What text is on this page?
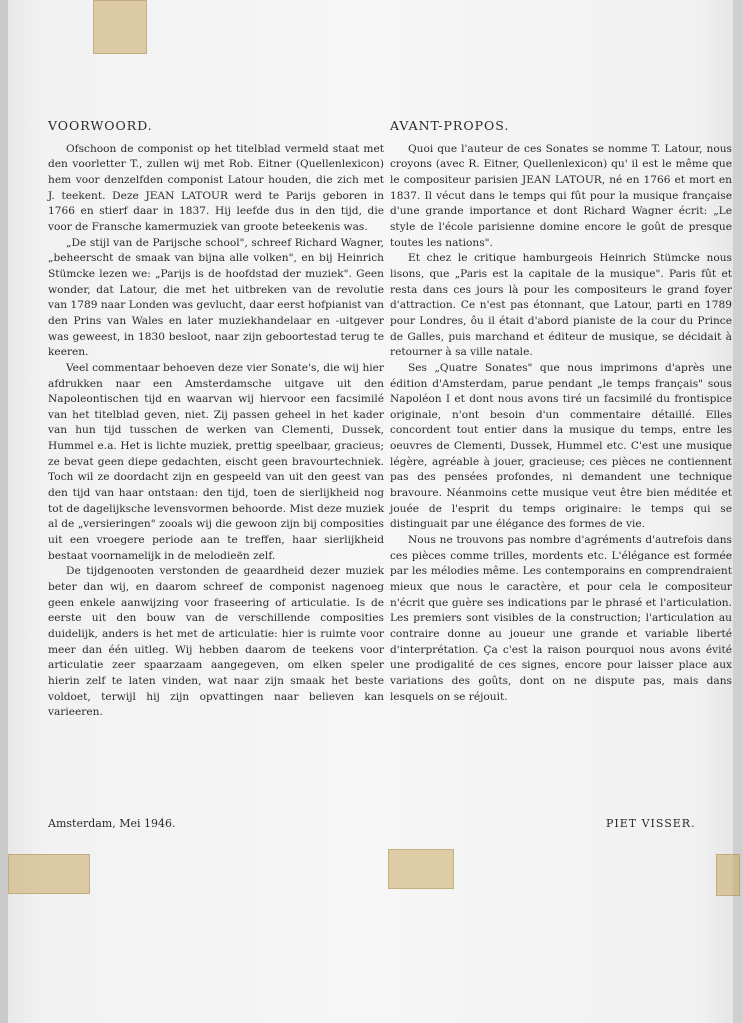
VOORWOORD.

Ofschoon de componist op het titelblad vermeld staat met den voorletter T., zullen wij met Rob. Eitner (Quellenlexicon) hem voor denzelfden componist Latour houden, die zich met J. teekent. Deze JEAN LATOUR werd te Parijs geboren in 1766 en stierf daar in 1837. Hij leefde dus in den tijd, die voor de Fransche kamermuziek van groote beteekenis was.

„De stijl van de Parijsche school", schreef Richard Wagner, „beheerscht de smaak van bijna alle volken", en bij Heinrich Stümcke lezen we: „Parijs is de hoofdstad der muziek". Geen wonder, dat Latour, die met het uitbreken van de revolutie van 1789 naar Londen was gevlucht, daar eerst hofpianist van den Prins van Wales en later muziekhandelaar en -uitgever was geweest, in 1830 besloot, naar zijn geboortestad terug te keeren.

Veel commentaar behoeven deze vier Sonate's, die wij hier afdrukken naar een Amsterdamsche uitgave uit den Napoleontischen tijd en waarvan wij hiervoor een facsimilé van het titelblad geven, niet. Zij passen geheel in het kader van hun tijd tusschen de werken van Clementi, Dussek, Hummel e.a. Het is lichte muziek, prettig speelbaar, gracieus; ze bevat geen diepe gedachten, eischt geen bravourtechniek. Toch wil ze doordacht zijn en gespeeld van uit den geest van den tijd van haar ontstaan: den tijd, toen de sierlijkheid nog tot de dagelijksche levensvormen behoorde. Mist deze muziek al de „versieringen" zooals wij die gewoon zijn bij composities uit een vroegere periode aan te treffen, haar sierlijkheid bestaat voornamelijk in de melodieën zelf.

De tijdgenooten verstonden de geaardheid dezer muziek beter dan wij, en daarom schreef de componist nagenoeg geen enkele aanwijzing voor fraseering of articulatie. Is de eerste uit den bouw van de verschillende composities duidelijk, anders is het met de articulatie: hier is ruimte voor meer dan één uitleg. Wij hebben daarom de teekens voor articulatie zeer spaarzaam aangegeven, om elken speler hierin zelf te laten vinden, wat naar zijn smaak het beste voldoet, terwijl hij zijn opvattingen naar believen kan varieeren.

AVANT-PROPOS.

Quoi que l'auteur de ces Sonates se nomme T. Latour, nous croyons (avec R. Eitner, Quellenlexicon) qu' il est le même que le compositeur parisien JEAN LATOUR, né en 1766 et mort en 1837. Il vécut dans le temps qui fût pour la musique française d'une grande importance et dont Richard Wagner écrit: „Le style de l'école parisienne domine encore le goût de presque toutes les nations".

Et chez le critique hamburgeois Heinrich Stümcke nous lisons, que „Paris est la capitale de la musique". Paris fût et resta dans ces jours là pour les compositeurs le grand foyer d'attraction. Ce n'est pas étonnant, que Latour, parti en 1789 pour Londres, ôu il était d'abord pianiste de la cour du Prince de Galles, puis marchand et éditeur de musique, se décidait à retourner à sa ville natale.

Ses „Quatre Sonates" que nous imprimons d'après une édition d'Amsterdam, parue pendant „le temps français" sous Napoléon I et dont nous avons tiré un facsimilé du frontispice originale, n'ont besoin d'un commentaire détaillé. Elles concordent tout entier dans la musique du temps, entre les oeuvres de Clementi, Dussek, Hummel etc. C'est une musique légère, agréable à jouer, gracieuse; ces pièces ne contiennent pas des pensées profondes, ni demandent une technique bravoure. Néanmoins cette musique veut être bien méditée et jouée de l'esprit du temps originaire: le temps qui se distinguait par une élégance des formes de vie.

Nous ne trouvons pas nombre d'agréments d'autrefois dans ces pièces comme trilles, mordents etc. L'élégance est formée par les mélodies même. Les contemporains en comprendraient mieux que nous le caractère, et pour cela le compositeur n'écrit que guère ses indications par le phrasé et l'articulation. Les premiers sont visibles de la construction; l'articulation au contraire donne au joueur une grande et variable liberté d'interprétation. Ça c'est la raison pourquoi nous avons évité une prodigalité de ces signes, encore pour laisser place aux variations des goûts, dont on ne dispute pas, mais dans lesquels on se réjouit.

Amsterdam, Mei 1946.	PIET VISSER.
